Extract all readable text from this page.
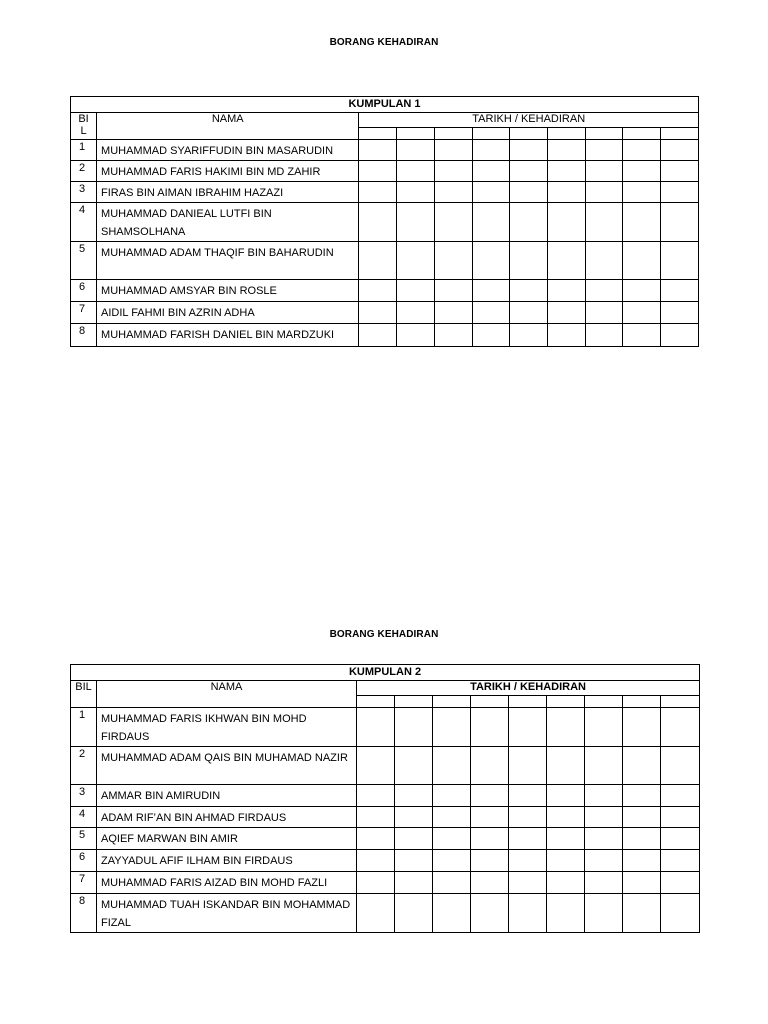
BORANG KEHADIRAN
KUMPULAN 1										
BI
L	NAMA	TARIKH / KEHADIRAN								

1	MUHAMMAD SYARIFFUDIN BIN MASARUDIN									

2	MUHAMMAD FARIS HAKIMI BIN MD ZAHIR									

3	FIRAS BIN AIMAN IBRAHIM HAZAZI									

4	MUHAMMAD DANIEAL LUTFI BIN SHAMSOLHANA									

5	MUHAMMAD ADAM THAQIF BIN BAHARUDIN									

6	MUHAMMAD AMSYAR BIN ROSLE									

7	AIDIL FAHMI BIN AZRIN ADHA									

8	MUHAMMAD FARISH DANIEL BIN MARDZUKI									

BORANG KEHADIRAN
KUMPULAN 2										
BIL	NAMA	TARIKH / KEHADIRAN								

1	MUHAMMAD FARIS IKHWAN BIN MOHD FIRDAUS									

2	MUHAMMAD ADAM QAIS BIN MUHAMAD NAZIR									

3	AMMAR BIN AMIRUDIN									

4	ADAM RIF’AN BIN AHMAD FIRDAUS									

5	AQIEF MARWAN BIN AMIR									

6	ZAYYADUL AFIF ILHAM BIN FIRDAUS									

7	MUHAMMAD FARIS AIZAD BIN MOHD FAZLI									

8	MUHAMMAD TUAH ISKANDAR BIN MOHAMMAD FIZAL									
